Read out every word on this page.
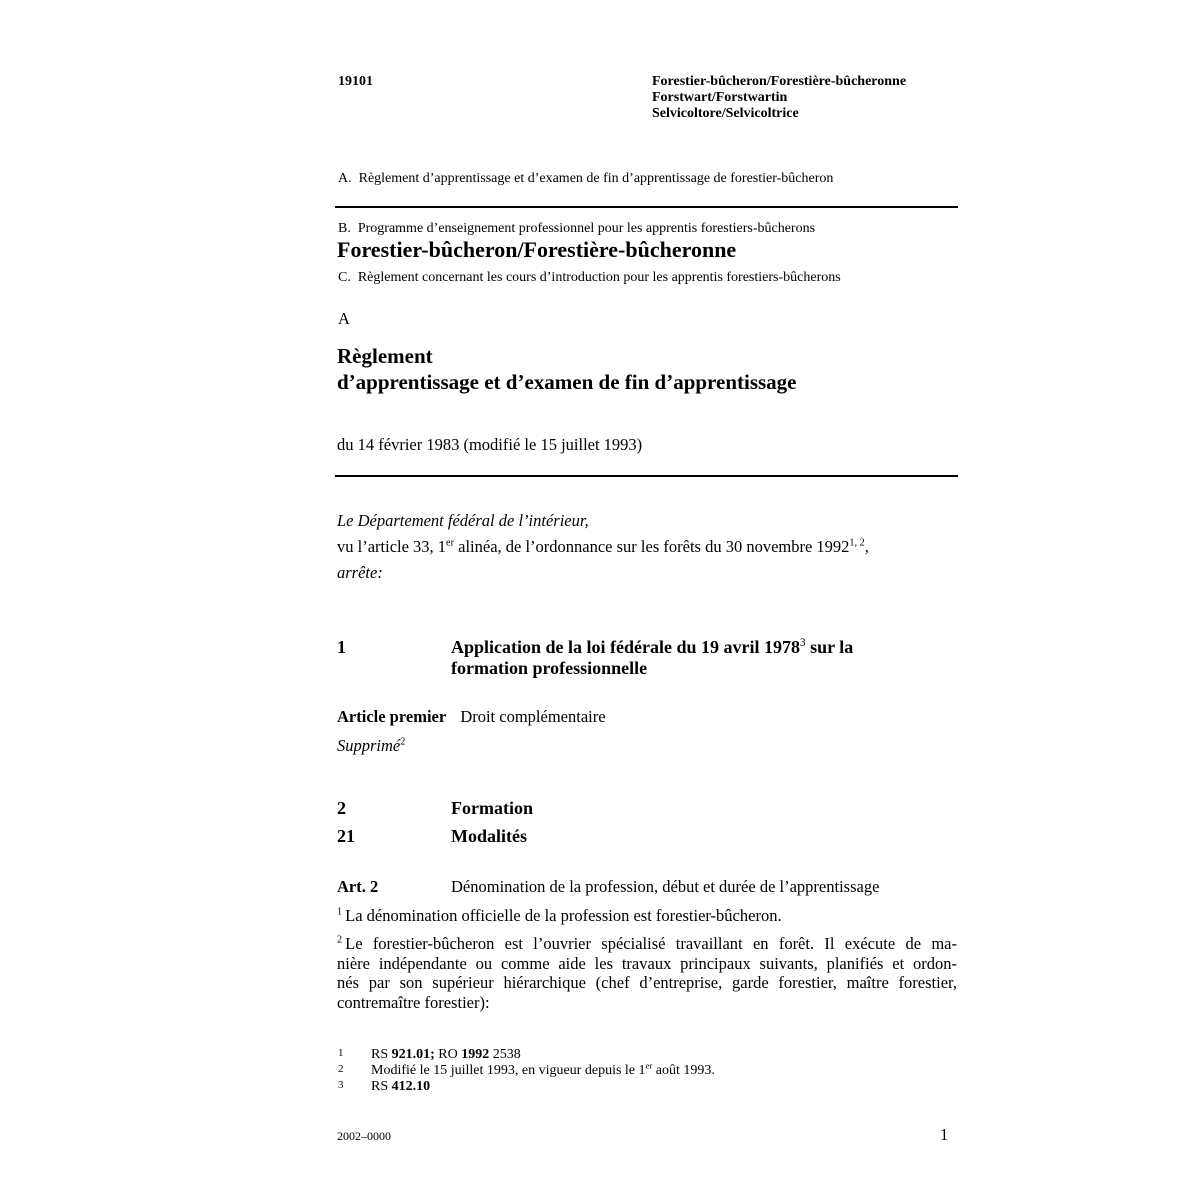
19101	Forestier-bûcheron/Forestière-bûcheronne
Forstwart/Forstwartin
Selvicoltore/Selvicoltrice

A.  Règlement d’apprentissage et d’examen de fin d’apprentissage de forestier-bûcheron

B.  Programme d’enseignement professionnel pour les apprentis forestiers-bûcherons

C.  Règlement concernant les cours d’introduction pour les apprentis forestiers-bûcherons

Forestier-bûcheron/Forestière-bûcheronne
A
Règlement
d’apprentissage et d’examen de fin d’apprentissage
du 14 février 1983 (modifié le 15 juillet 1993)
Le Département fédéral de l’intérieur,
vu l’article 33, 1er alinéa, de l’ordonnance sur les forêts du 30 novembre 1992$^{1, 2}$,
arrête:
1	Application de la loi fédérale du 19 avril 1978$^3$ sur la
formation professionnelle
Article premier Droit complémentaire
Supprimé$^2$
2	Formation
21	Modalités
Art. 2	Dénomination de la profession, début et durée de l’apprentissage
$^1$ La dénomination officielle de la profession est forestier-bûcheron.
$^2$ Le forestier-bûcheron est l’ouvrier spécialisé travaillant en forêt. Il exécute de ma-
nière indépendante ou comme aide les travaux principaux suivants, planifiés et ordon-
nés par son supérieur hiérarchique (chef d’entreprise, garde forestier, maître forestier,
contremaître forestier):
1 RS 921.01; RO 1992 2538
2 Modifié le 15 juillet 1993, en vigueur depuis le 1er août 1993.
3 RS 412.10
2002–0000	1
